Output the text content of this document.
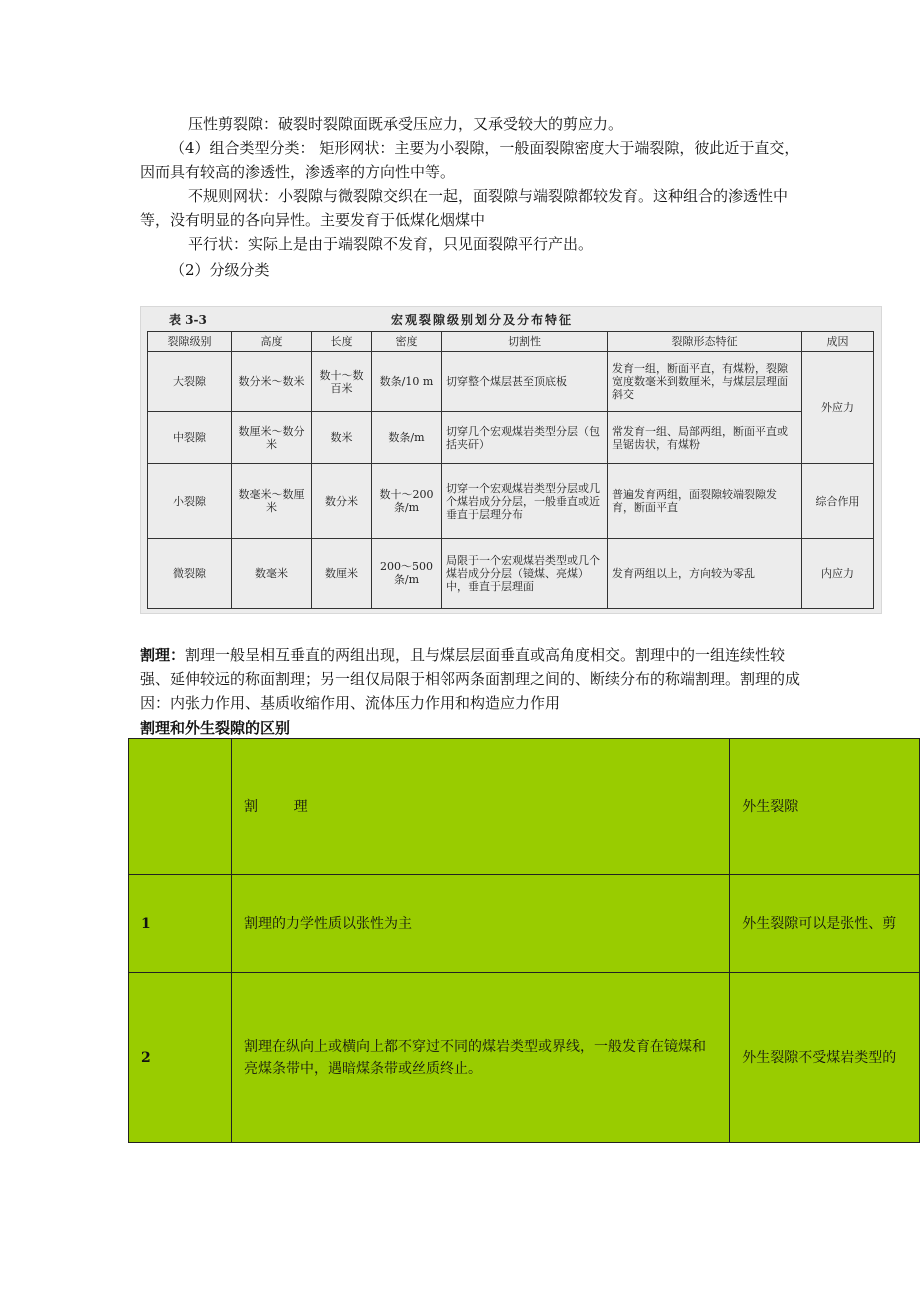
压性剪裂隙：破裂时裂隙面既承受压应力，又承受较大的剪应力。

（4）组合类型分类： 矩形网状：主要为小裂隙，一般面裂隙密度大于端裂隙，彼此近于直交，因而具有较高的渗透性，渗透率的方向性中等。

不规则网状：小裂隙与微裂隙交织在一起，面裂隙与端裂隙都较发育。这种组合的渗透性中等，没有明显的各向异性。主要发育于低煤化烟煤中

平行状：实际上是由于端裂隙不发育，只见面裂隙平行产出。

（2）分级分类

表 3-3	宏观裂隙级别划分及分布特征
裂隙级别	高度	长度	密度	切割性	裂隙形态特征	成因
大裂隙	数分米～数米	数十～数百米	数条/10 m	切穿整个煤层甚至顶底板	发育一组，断面平直，有煤粉，裂隙宽度数毫米到数厘米，与煤层层理面斜交	外应力
中裂隙	数厘米～数分米	数米	数条/m	切穿几个宏观煤岩类型分层（包括夹矸）	常发育一组、局部两组，断面平直或呈锯齿状，有煤粉	
小裂隙	数毫米～数厘米	数分米	数十～200 条/m	切穿一个宏观煤岩类型分层或几个煤岩成分分层，一般垂直或近垂直于层理分布	普遍发育两组，面裂隙较端裂隙发育，断面平直	综合作用
微裂隙	数毫米	数厘米	200～500 条/m	局限于一个宏观煤岩类型或几个煤岩成分分层（镜煤、亮煤）中，垂直于层理面	发育两组以上，方向较为零乱	内应力

割理：割理一般呈相互垂直的两组出现，且与煤层层面垂直或高角度相交。割理中的一组连续性较强、延伸较远的称面割理；另一组仅局限于相邻两条面割理之间的、断续分布的称端割理。割理的成因：内张力作用、基质收缩作用、流体压力作用和构造应力作用

割理和外生裂隙的区别

	割        理	外生裂隙
1	割理的力学性质以张性为主	外生裂隙可以是张性、剪
2	割理在纵向上或横向上都不穿过不同的煤岩类型或界线，一般发育在镜煤和亮煤条带中，遇暗煤条带或丝质终止。	外生裂隙不受煤岩类型的
